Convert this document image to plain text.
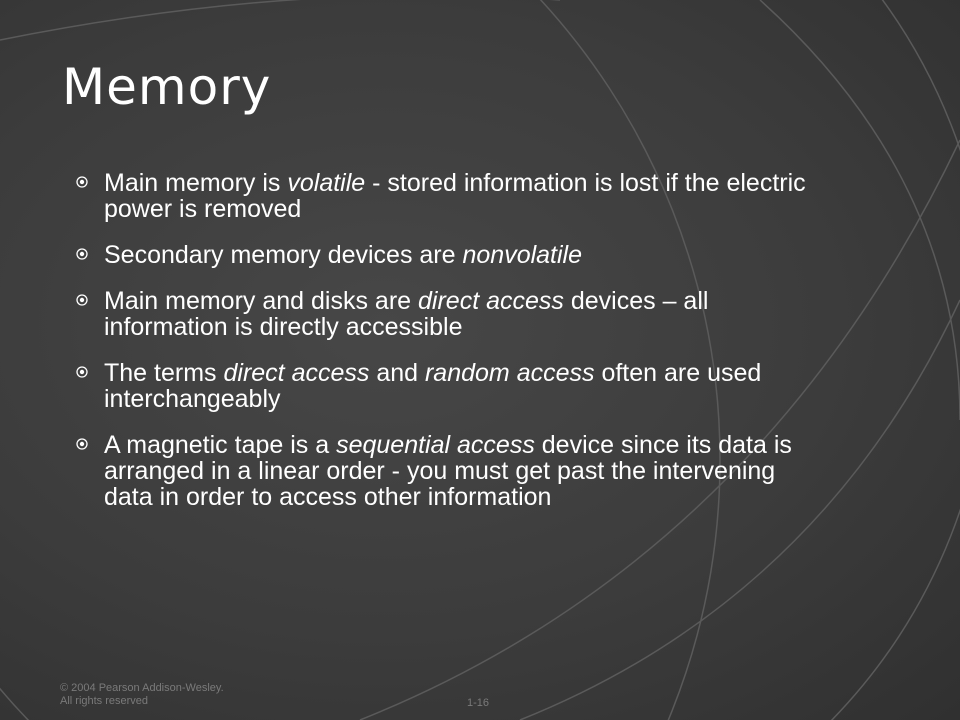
Memory
Main memory is volatile - stored information is lost if the electric power is removed
Secondary memory devices are nonvolatile
Main memory and disks are direct access devices – all information is directly accessible
The terms direct access and random access often are used interchangeably
A magnetic tape is a sequential access device since its data is arranged in a linear order - you must get past the intervening data in order to access other information
© 2004 Pearson Addison-Wesley.
All rights reserved	1-16
